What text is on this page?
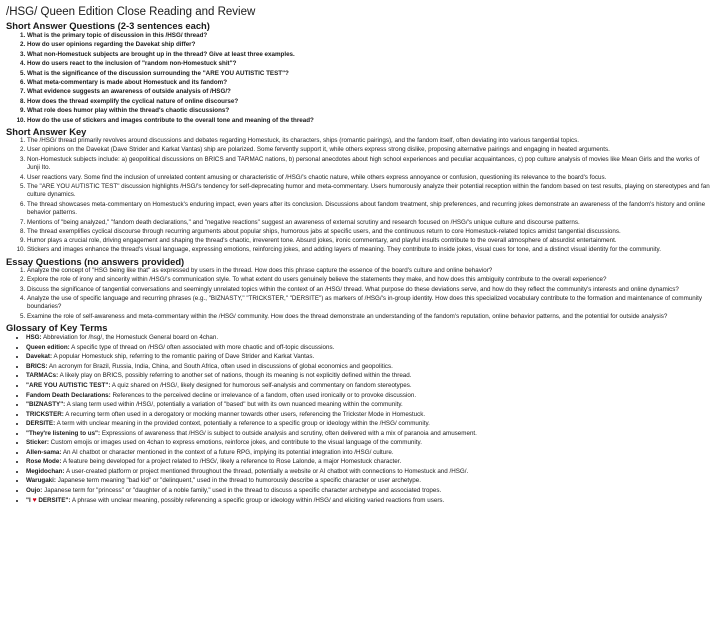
/HSG/ Queen Edition Close Reading and Review
Short Answer Questions (2-3 sentences each)
1. What is the primary topic of discussion in this /HSG/ thread?
2. How do user opinions regarding the Davekat ship differ?
3. What non-Homestuck subjects are brought up in the thread? Give at least three examples.
4. How do users react to the inclusion of "random non-Homestuck shit"?
5. What is the significance of the discussion surrounding the "ARE YOU AUTISTIC TEST"?
6. What meta-commentary is made about Homestuck and its fandom?
7. What evidence suggests an awareness of outside analysis of /HSG/?
8. How does the thread exemplify the cyclical nature of online discourse?
9. What role does humor play within the thread's chaotic discussions?
10. How do the use of stickers and images contribute to the overall tone and meaning of the thread?
Short Answer Key
1. The /HSG/ thread primarily revolves around discussions and debates regarding Homestuck, its characters, ships (romantic pairings), and the fandom itself, often deviating into various tangential topics.
2. User opinions on the Davekat (Dave Strider and Karkat Vantas) ship are polarized. Some fervently support it, while others express strong dislike, proposing alternative pairings and engaging in heated arguments.
3. Non-Homestuck subjects include: a) geopolitical discussions on BRICS and TARMAC nations, b) personal anecdotes about high school experiences and peculiar acquaintances, c) pop culture analysis of movies like Mean Girls and the works of Junji Ito.
4. User reactions vary. Some find the inclusion of unrelated content amusing or characteristic of /HSG/'s chaotic nature, while others express annoyance or confusion, questioning its relevance to the board's focus.
5. The "ARE YOU AUTISTIC TEST" discussion highlights /HSG/'s tendency for self-deprecating humor and meta-commentary. Users humorously analyze their potential reception within the fandom based on test results, playing on stereotypes and fan culture dynamics.
6. The thread showcases meta-commentary on Homestuck's enduring impact, even years after its conclusion. Discussions about fandom treatment, ship preferences, and recurring jokes demonstrate an awareness of the fandom's history and online behavior patterns.
7. Mentions of "being analyzed," "fandom death declarations," and "negative reactions" suggest an awareness of external scrutiny and research focused on /HSG/'s unique culture and discourse patterns.
8. The thread exemplifies cyclical discourse through recurring arguments about popular ships, humorous jabs at specific users, and the continuous return to core Homestuck-related topics amidst tangential discussions.
9. Humor plays a crucial role, driving engagement and shaping the thread's chaotic, irreverent tone. Absurd jokes, ironic commentary, and playful insults contribute to the overall atmosphere of absurdist entertainment.
10. Stickers and images enhance the thread's visual language, expressing emotions, reinforcing jokes, and adding layers of meaning. They contribute to inside jokes, visual cues for tone, and a distinct visual identity for the community.
Essay Questions (no answers provided)
1. Analyze the concept of "HSG being like that" as expressed by users in the thread. How does this phrase capture the essence of the board's culture and online behavior?
2. Explore the role of irony and sincerity within /HSG/'s communication style. To what extent do users genuinely believe the statements they make, and how does this ambiguity contribute to the overall experience?
3. Discuss the significance of tangential conversations and seemingly unrelated topics within the context of an /HSG/ thread. What purpose do these deviations serve, and how do they reflect the community's interests and online dynamics?
4. Analyze the use of specific language and recurring phrases (e.g., "BIZNASTY," "TRICKSTER," "DERSITE") as markers of /HSG/'s in-group identity. How does this specialized vocabulary contribute to the formation and maintenance of community boundaries?
5. Examine the role of self-awareness and meta-commentary within the /HSG/ community. How does the thread demonstrate an understanding of the fandom's reputation, online behavior patterns, and the potential for outside analysis?
Glossary of Key Terms
• HSG: Abbreviation for /hsg/, the Homestuck General board on 4chan.
• Queen edition: A specific type of thread on /HSG/ often associated with more chaotic and off-topic discussions.
• Davekat: A popular Homestuck ship, referring to the romantic pairing of Dave Strider and Karkat Vantas.
• BRICS: An acronym for Brazil, Russia, India, China, and South Africa, often used in discussions of global economics and geopolitics.
• TARMACs: A likely play on BRICS, possibly referring to another set of nations, though its meaning is not explicitly defined within the thread.
• "ARE YOU AUTISTIC TEST": A quiz shared on /HSG/, likely designed for humorous self-analysis and commentary on fandom stereotypes.
• Fandom Death Declarations: References to the perceived decline or irrelevance of a fandom, often used ironically or to provoke discussion.
• "BIZNASTY": A slang term used within /HSG/, potentially a variation of "based" but with its own nuanced meaning within the community.
• TRICKSTER: A recurring term often used in a derogatory or mocking manner towards other users, referencing the Trickster Mode in Homestuck.
• DERSITE: A term with unclear meaning in the provided context, potentially a reference to a specific group or ideology within the /HSG/ community.
• "They're listening to us": Expressions of awareness that /HSG/ is subject to outside analysis and scrutiny, often delivered with a mix of paranoia and amusement.
• Sticker: Custom emojis or images used on 4chan to express emotions, reinforce jokes, and contribute to the visual language of the community.
• Allen-sama: An AI chatbot or character mentioned in the context of a future RPG, implying its potential integration into /HSG/ culture.
• Rose Mode: A feature being developed for a project related to /HSG/, likely a reference to Rose Lalonde, a major Homestuck character.
• Megidochan: A user-created platform or project mentioned throughout the thread, potentially a website or AI chatbot with connections to Homestuck and /HSG/.
• Warugaki: Japanese term meaning "bad kid" or "delinquent," used in the thread to humorously describe a specific character or user archetype.
• Oujo: Japanese term for "princess" or "daughter of a noble family," used in the thread to discuss a specific character archetype and associated tropes.
• "I ♥ DERSITE": A phrase with unclear meaning, possibly referencing a specific group or ideology within /HSG/ and eliciting varied reactions from users.
